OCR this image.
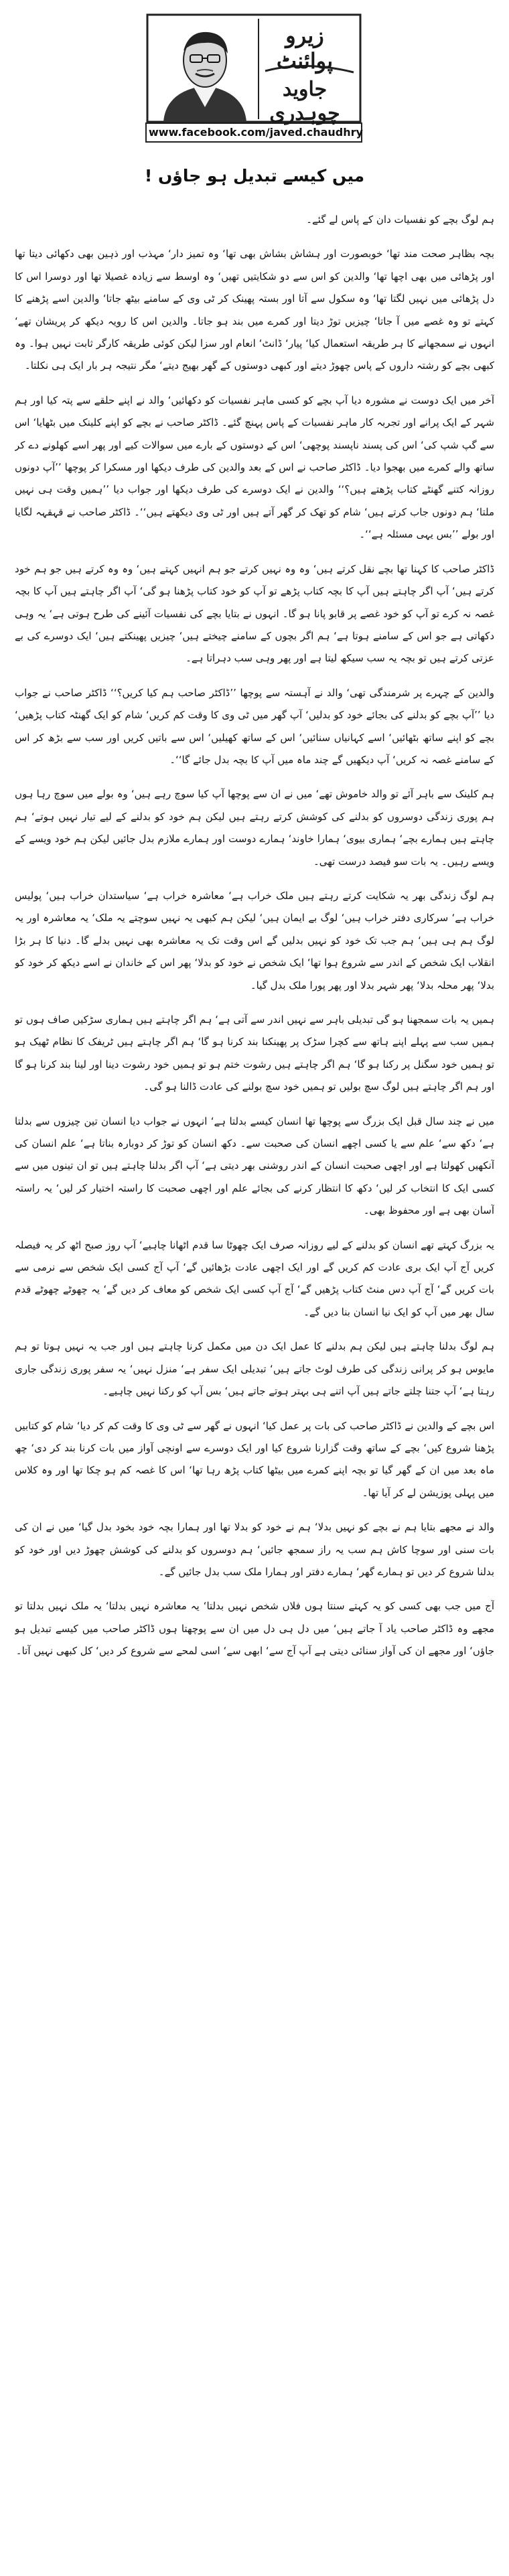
زیرو پوائنٹ
جاوید چوہدری
www.facebook.com/javed.chaudhry
میں کیسے تبدیل ہو جاؤں !

ہم لوگ بچے کو نفسیات دان کے پاس لے گئے۔

بچہ بظاہر صحت مند تھا‘ خوبصورت اور ہشاش بشاش بھی تھا‘ وہ تمیز دار‘ مہذب اور ذہین بھی دکھائی دیتا تھا اور پڑھائی میں بھی اچھا تھا‘ والدین کو اس سے دو شکایتیں تھیں‘ وہ اوسط سے زیادہ غصیلا تھا اور دوسرا اس کا دل پڑھائی میں نہیں لگتا تھا‘ وہ سکول سے آتا اور بستہ پھینک کر ٹی وی کے سامنے بیٹھ جاتا‘ والدین اسے پڑھنے کا کہتے تو وہ غصے میں آ جاتا‘ چیزیں توڑ دیتا اور کمرے میں بند ہو جاتا۔ والدین اس کا رویہ دیکھ کر پریشان تھے‘ انہوں نے سمجھانے کا ہر طریقہ استعمال کیا‘ پیار‘ ڈانٹ‘ انعام اور سزا لیکن کوئی طریقہ کارگر ثابت نہیں ہوا۔ وہ کبھی بچے کو رشتہ داروں کے پاس چھوڑ دیتے اور کبھی دوستوں کے گھر بھیج دیتے‘ مگر نتیجہ ہر بار ایک ہی نکلتا۔

آخر میں ایک دوست نے مشورہ دیا آپ بچے کو کسی ماہر نفسیات کو دکھائیں‘ والد نے اپنے حلقے سے پتہ کیا اور ہم شہر کے ایک پرانے اور تجربہ کار ماہر نفسیات کے پاس پہنچ گئے۔ ڈاکٹر صاحب نے بچے کو اپنے کلینک میں بٹھایا‘ اس سے گپ شپ کی‘ اس کی پسند ناپسند پوچھی‘ اس کے دوستوں کے بارے میں سوالات کیے اور پھر اسے کھلونے دے کر ساتھ والے کمرے میں بھجوا دیا۔ ڈاکٹر صاحب نے اس کے بعد والدین کی طرف دیکھا اور مسکرا کر پوچھا ’’آپ دونوں روزانہ کتنے گھنٹے کتاب پڑھتے ہیں؟‘‘ والدین نے ایک دوسرے کی طرف دیکھا اور جواب دیا ’’ہمیں وقت ہی نہیں ملتا‘ ہم دونوں جاب کرتے ہیں‘ شام کو تھک کر گھر آتے ہیں اور ٹی وی دیکھتے ہیں‘‘۔ ڈاکٹر صاحب نے قہقہہ لگایا اور بولے ’’بس یہی مسئلہ ہے‘‘۔

ڈاکٹر صاحب کا کہنا تھا بچے نقل کرتے ہیں‘ وہ وہ نہیں کرتے جو ہم انہیں کہتے ہیں‘ وہ وہ کرتے ہیں جو ہم خود کرتے ہیں‘ آپ اگر چاہتے ہیں آپ کا بچہ کتاب پڑھے تو آپ کو خود کتاب پڑھنا ہو گی‘ آپ اگر چاہتے ہیں آپ کا بچہ غصہ نہ کرے تو آپ کو خود غصے پر قابو پانا ہو گا۔ انہوں نے بتایا بچے کی نفسیات آئینے کی طرح ہوتی ہے‘ یہ وہی دکھاتی ہے جو اس کے سامنے ہوتا ہے‘ ہم اگر بچوں کے سامنے چیختے ہیں‘ چیزیں پھینکتے ہیں‘ ایک دوسرے کی بے عزتی کرتے ہیں تو بچہ یہ سب سیکھ لیتا ہے اور پھر وہی سب دہراتا ہے۔

والدین کے چہرے پر شرمندگی تھی‘ والد نے آہستہ سے پوچھا ’’ڈاکٹر صاحب ہم کیا کریں؟‘‘ ڈاکٹر صاحب نے جواب دیا ’’آپ بچے کو بدلنے کی بجائے خود کو بدلیں‘ آپ گھر میں ٹی وی کا وقت کم کریں‘ شام کو ایک گھنٹہ کتاب پڑھیں‘ بچے کو اپنے ساتھ بٹھائیں‘ اسے کہانیاں سنائیں‘ اس کے ساتھ کھیلیں‘ اس سے باتیں کریں اور سب سے بڑھ کر اس کے سامنے غصہ نہ کریں‘ آپ دیکھیں گے چند ماہ میں آپ کا بچہ بدل جائے گا‘‘۔

ہم کلینک سے باہر آئے تو والد خاموش تھے‘ میں نے ان سے پوچھا آپ کیا سوچ رہے ہیں‘ وہ بولے میں سوچ رہا ہوں ہم پوری زندگی دوسروں کو بدلنے کی کوشش کرتے رہتے ہیں لیکن ہم خود کو بدلنے کے لیے تیار نہیں ہوتے‘ ہم چاہتے ہیں ہمارے بچے‘ ہماری بیوی‘ ہمارا خاوند‘ ہمارے دوست اور ہمارے ملازم بدل جائیں لیکن ہم خود ویسے کے ویسے رہیں۔ یہ بات سو فیصد درست تھی۔

ہم لوگ زندگی بھر یہ شکایت کرتے رہتے ہیں ملک خراب ہے‘ معاشرہ خراب ہے‘ سیاستدان خراب ہیں‘ پولیس خراب ہے‘ سرکاری دفتر خراب ہیں‘ لوگ بے ایمان ہیں‘ لیکن ہم کبھی یہ نہیں سوچتے یہ ملک‘ یہ معاشرہ اور یہ لوگ ہم ہی ہیں‘ ہم جب تک خود کو نہیں بدلیں گے اس وقت تک یہ معاشرہ بھی نہیں بدلے گا۔ دنیا کا ہر بڑا انقلاب ایک شخص کے اندر سے شروع ہوا تھا‘ ایک شخص نے خود کو بدلا‘ پھر اس کے خاندان نے اسے دیکھ کر خود کو بدلا‘ پھر محلہ بدلا‘ پھر شہر بدلا اور پھر پورا ملک بدل گیا۔

ہمیں یہ بات سمجھنا ہو گی تبدیلی باہر سے نہیں اندر سے آتی ہے‘ ہم اگر چاہتے ہیں ہماری سڑکیں صاف ہوں تو ہمیں سب سے پہلے اپنے ہاتھ سے کچرا سڑک پر پھینکنا بند کرنا ہو گا‘ ہم اگر چاہتے ہیں ٹریفک کا نظام ٹھیک ہو تو ہمیں خود سگنل پر رکنا ہو گا‘ ہم اگر چاہتے ہیں رشوت ختم ہو تو ہمیں خود رشوت دینا اور لینا بند کرنا ہو گا اور ہم اگر چاہتے ہیں لوگ سچ بولیں تو ہمیں خود سچ بولنے کی عادت ڈالنا ہو گی۔

میں نے چند سال قبل ایک بزرگ سے پوچھا تھا انسان کیسے بدلتا ہے‘ انہوں نے جواب دیا انسان تین چیزوں سے بدلتا ہے‘ دکھ سے‘ علم سے یا کسی اچھے انسان کی صحبت سے۔ دکھ انسان کو توڑ کر دوبارہ بناتا ہے‘ علم انسان کی آنکھیں کھولتا ہے اور اچھی صحبت انسان کے اندر روشنی بھر دیتی ہے‘ آپ اگر بدلنا چاہتے ہیں تو ان تینوں میں سے کسی ایک کا انتخاب کر لیں‘ دکھ کا انتظار کرنے کی بجائے علم اور اچھی صحبت کا راستہ اختیار کر لیں‘ یہ راستہ آسان بھی ہے اور محفوظ بھی۔

یہ بزرگ کہتے تھے انسان کو بدلنے کے لیے روزانہ صرف ایک چھوٹا سا قدم اٹھانا چاہیے‘ آپ روز صبح اٹھ کر یہ فیصلہ کریں آج آپ ایک بری عادت کم کریں گے اور ایک اچھی عادت بڑھائیں گے‘ آپ آج کسی ایک شخص سے نرمی سے بات کریں گے‘ آج آپ دس منٹ کتاب پڑھیں گے‘ آج آپ کسی ایک شخص کو معاف کر دیں گے‘ یہ چھوٹے چھوٹے قدم سال بھر میں آپ کو ایک نیا انسان بنا دیں گے۔

ہم لوگ بدلنا چاہتے ہیں لیکن ہم بدلنے کا عمل ایک دن میں مکمل کرنا چاہتے ہیں اور جب یہ نہیں ہوتا تو ہم مایوس ہو کر پرانی زندگی کی طرف لوٹ جاتے ہیں‘ تبدیلی ایک سفر ہے‘ منزل نہیں‘ یہ سفر پوری زندگی جاری رہتا ہے‘ آپ جتنا چلتے جاتے ہیں آپ اتنے ہی بہتر ہوتے جاتے ہیں‘ بس آپ کو رکنا نہیں چاہیے۔

اس بچے کے والدین نے ڈاکٹر صاحب کی بات پر عمل کیا‘ انہوں نے گھر سے ٹی وی کا وقت کم کر دیا‘ شام کو کتابیں پڑھنا شروع کیں‘ بچے کے ساتھ وقت گزارنا شروع کیا اور ایک دوسرے سے اونچی آواز میں بات کرنا بند کر دی‘ چھ ماہ بعد میں ان کے گھر گیا تو بچہ اپنے کمرے میں بیٹھا کتاب پڑھ رہا تھا‘ اس کا غصہ کم ہو چکا تھا اور وہ کلاس میں پہلی پوزیشن لے کر آیا تھا۔

والد نے مجھے بتایا ہم نے بچے کو نہیں بدلا‘ ہم نے خود کو بدلا تھا اور ہمارا بچہ خود بخود بدل گیا‘ میں نے ان کی بات سنی اور سوچا کاش ہم سب یہ راز سمجھ جائیں‘ ہم دوسروں کو بدلنے کی کوشش چھوڑ دیں اور خود کو بدلنا شروع کر دیں تو ہمارے گھر‘ ہمارے دفتر اور ہمارا ملک سب بدل جائیں گے۔

آج میں جب بھی کسی کو یہ کہتے سنتا ہوں فلاں شخص نہیں بدلتا‘ یہ معاشرہ نہیں بدلتا‘ یہ ملک نہیں بدلتا تو مجھے وہ ڈاکٹر صاحب یاد آ جاتے ہیں‘ میں دل ہی دل میں ان سے پوچھتا ہوں ڈاکٹر صاحب میں کیسے تبدیل ہو جاؤں‘ اور مجھے ان کی آواز سنائی دیتی ہے آپ آج سے‘ ابھی سے‘ اسی لمحے سے شروع کر دیں‘ کل کبھی نہیں آتا۔
